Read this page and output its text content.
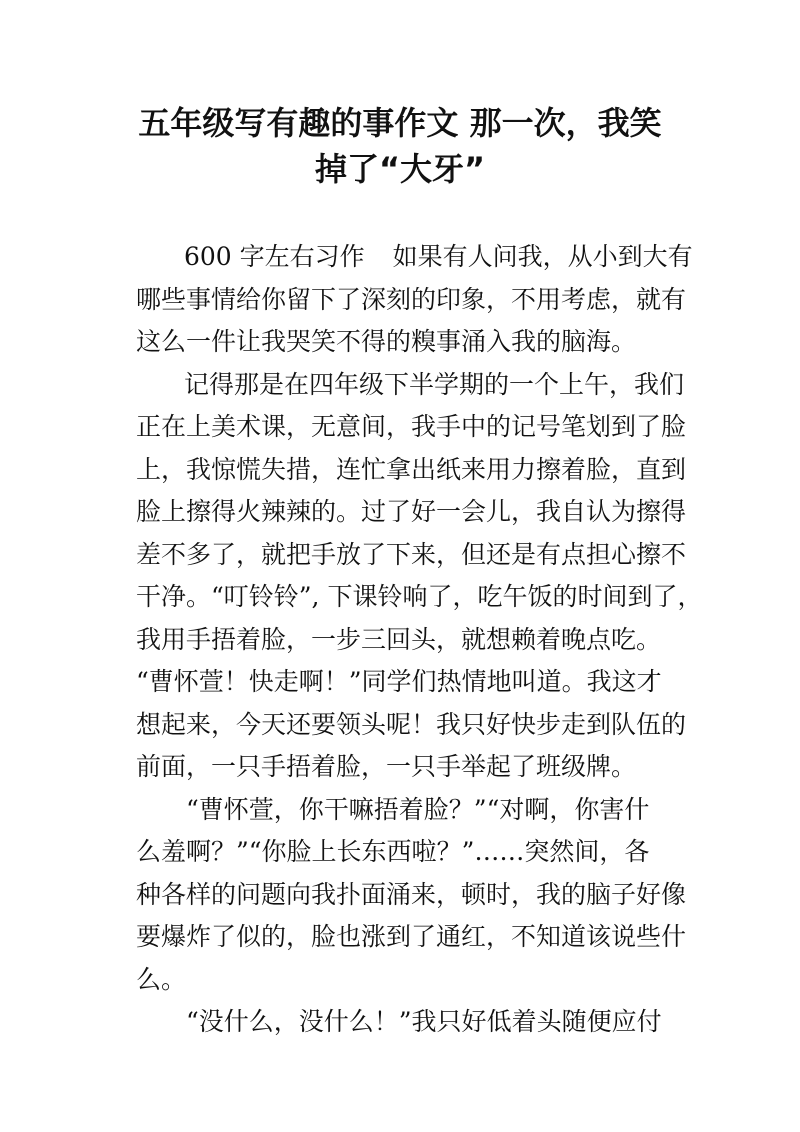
五年级写有趣的事作文 那一次，我笑
掉了“大牙”
600 字左右习作 如果有人问我，从小到大有
哪些事情给你留下了深刻的印象，不用考虑，就有
这么一件让我哭笑不得的糗事涌入我的脑海。
记得那是在四年级下半学期的一个上午，我们
正在上美术课，无意间，我手中的记号笔划到了脸
上，我惊慌失措，连忙拿出纸来用力擦着脸，直到
脸上擦得火辣辣的。过了好一会儿，我自认为擦得
差不多了，就把手放了下来，但还是有点担心擦不
干净。“叮铃铃”, 下课铃响了，吃午饭的时间到了，
我用手捂着脸，一步三回头，就想赖着晚点吃。
“曹怀萱！快走啊！”同学们热情地叫道。我这才
想起来，今天还要领头呢！我只好快步走到队伍的
前面，一只手捂着脸，一只手举起了班级牌。
“曹怀萱，你干嘛捂着脸？”“对啊，你害什
么羞啊？”“你脸上长东西啦？”……突然间，各
种各样的问题向我扑面涌来，顿时，我的脑子好像
要爆炸了似的，脸也涨到了通红，不知道该说些什
么。
“没什么，没什么！”我只好低着头随便应付
